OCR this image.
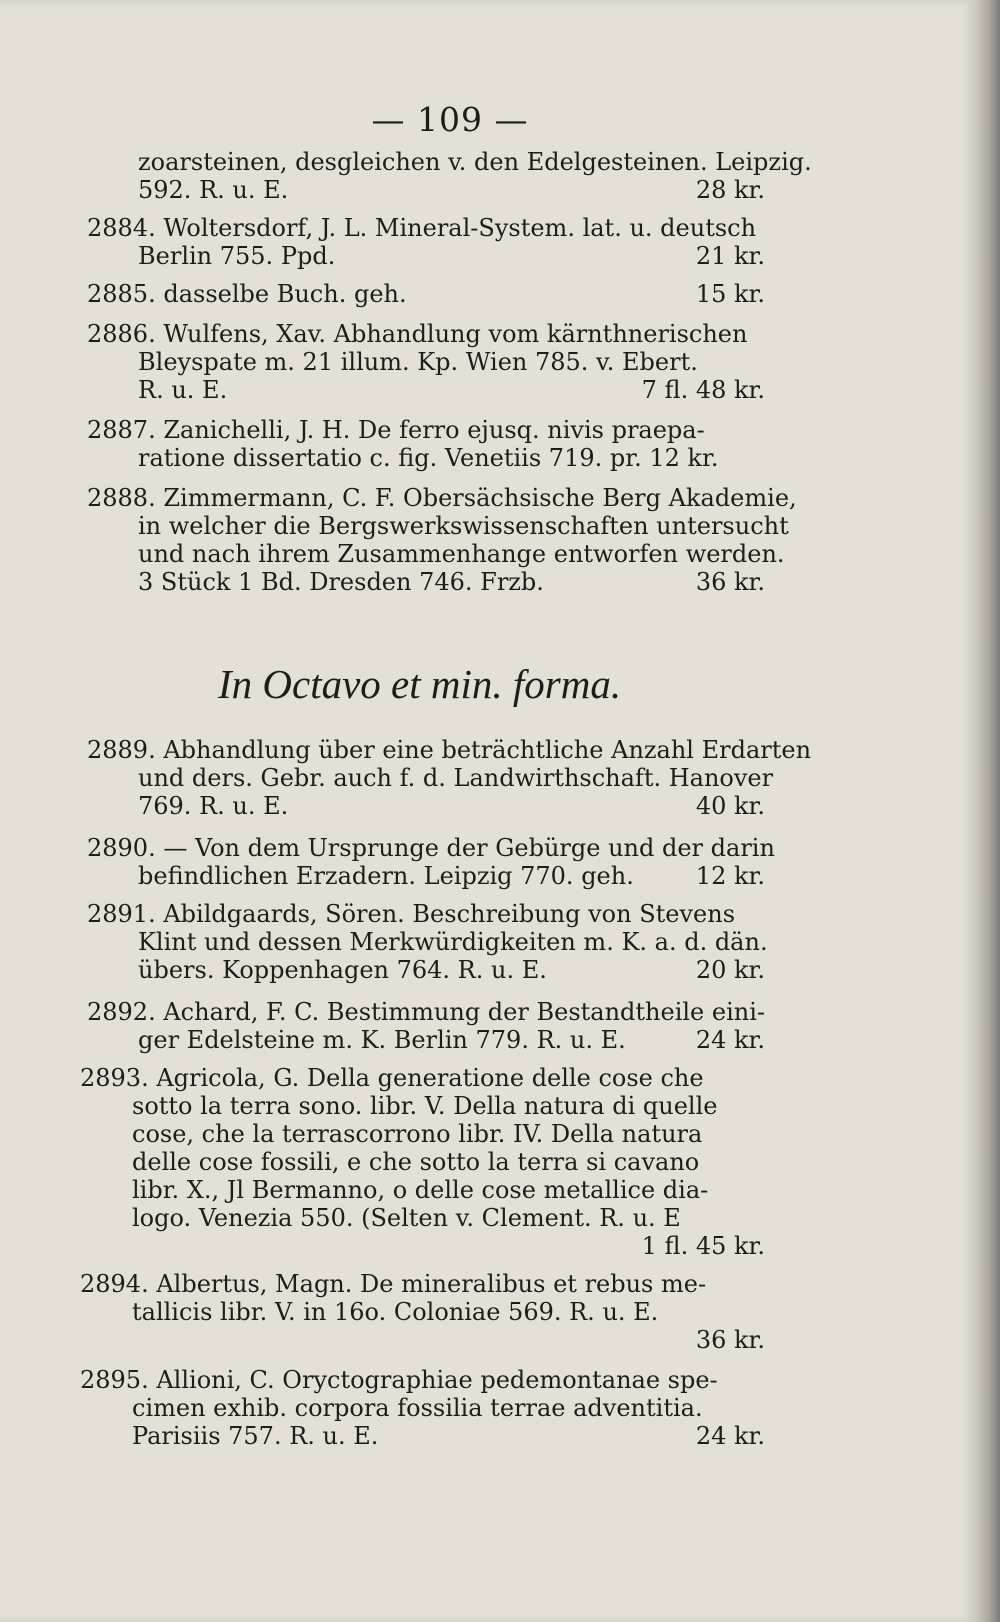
— 109 —
In Octavo et min. forma.
zoarsteinen, desgleichen v. den Edelgesteinen. Leipzig.
592. R. u. E.	28 kr.
2884. Woltersdorf, J. L. Mineral-System. lat. u. deutsch
Berlin 755. Ppd.	21 kr.
2885. dasselbe Buch. geh.	15 kr.
2886. Wulfens, Xav. Abhandlung vom kärnthnerischen
Bleyspate m. 21 illum. Kp. Wien 785. v. Ebert.
R. u. E.	7 fl. 48 kr.
2887. Zanichelli, J. H. De ferro ejusq. nivis praepa-
ratione dissertatio c. fig. Venetiis 719. pr. 12 kr.
2888. Zimmermann, C. F. Obersächsische Berg Akademie,
in welcher die Bergswerkswissenschaften untersucht
und nach ihrem Zusammenhange entworfen werden.
3 Stück 1 Bd. Dresden 746. Frzb.	36 kr.
2889. Abhandlung über eine beträchtliche Anzahl Erdarten
und ders. Gebr. auch f. d. Landwirthschaft. Hanover
769. R. u. E.	40 kr.
2890. — Von dem Ursprunge der Gebürge und der darin
befindlichen Erzadern. Leipzig 770. geh.	12 kr.
2891. Abildgaards, Sören. Beschreibung von Stevens
Klint und dessen Merkwürdigkeiten m. K. a. d. dän.
übers. Koppenhagen 764. R. u. E.	20 kr.
2892. Achard, F. C. Bestimmung der Bestandtheile eini-
ger Edelsteine m. K. Berlin 779. R. u. E.	24 kr.
2893. Agricola, G. Della generatione delle cose che
sotto la terra sono. libr. V. Della natura di quelle
cose, che la terrascorrono libr. IV. Della natura
delle cose fossili, e che sotto la terra si cavano
libr. X., Jl Bermanno, o delle cose metallice dia-
logo. Venezia 550. (Selten v. Clement. R. u. E
1 fl. 45 kr.
2894. Albertus, Magn. De mineralibus et rebus me-
tallicis libr. V. in 16o. Coloniae 569. R. u. E.
36 kr.
2895. Allioni, C. Oryctographiae pedemontanae spe-
cimen exhib. corpora fossilia terrae adventitia.
Parisiis 757. R. u. E.	24 kr.
